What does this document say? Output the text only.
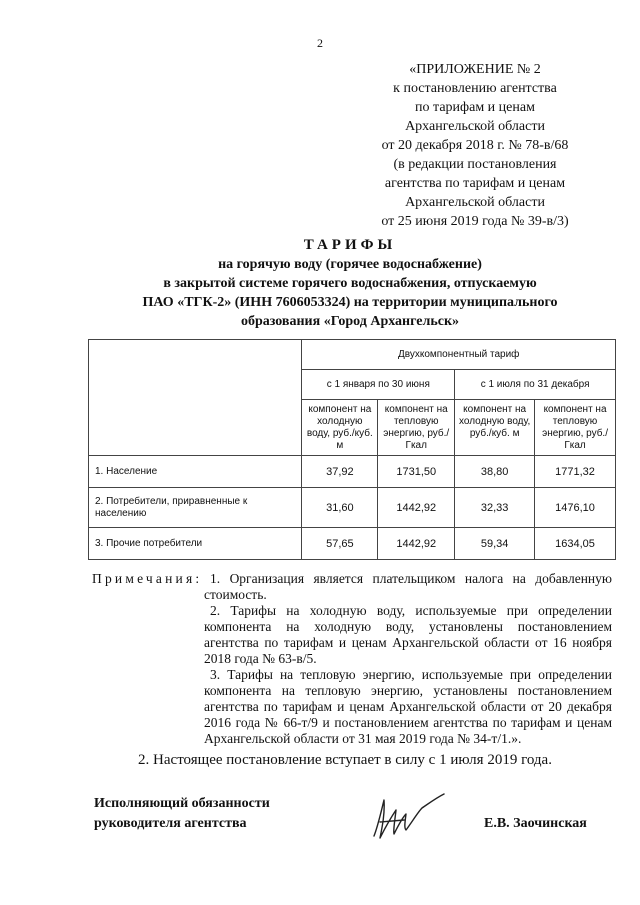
2
«ПРИЛОЖЕНИЕ № 2
к постановлению агентства
по тарифам и ценам
Архангельской области
от 20 декабря 2018 г. № 78-в/68
(в редакции постановления
агентства по тарифам и ценам
Архангельской области
от 25 июня 2019 года № 39-в/3)
ТАРИФЫ
на горячую воду (горячее водоснабжение)
в закрытой системе горячего водоснабжения, отпускаемую
ПАО «ТГК-2» (ИНН 7606053324) на территории муниципального
образования «Город Архангельск»
	Двухкомпонентный тариф			
	с 1 января по 30 июня		с 1 июля по 31 декабря	
	компонент на холодную воду, руб./куб. м	компонент на тепловую энергию, руб./Гкал	компонент на холодную воду, руб./куб. м	компонент на тепловую энергию, руб./Гкал
1. Население	37,92	1731,50	38,80	1771,32
2. Потребители, приравненные к населению	31,60	1442,92	32,33	1476,10
3. Прочие потребители	57,65	1442,92	59,34	1634,05
Примечания: 1. Организация является плательщиком налога на добавленную стоимость.

2. Тарифы на холодную воду, используемые при определении компонента на холодную воду, установлены постановлением агентства по тарифам и ценам Архангельской области от 16 ноября 2018 года № 63-в/5.

3. Тарифы на тепловую энергию, используемые при определении компонента на тепловую энергию, установлены постановлением агентства по тарифам и ценам Архангельской области от 20 декабря 2016 года № 66-т/9 и постановлением агентства по тарифам и ценам Архангельской области от 31 мая 2019 года № 34-т/1.».

2. Настоящее постановление вступает в силу с 1 июля 2019 года.
Исполняющий обязанности
руководителя агентства	Е.В. Заочинская
